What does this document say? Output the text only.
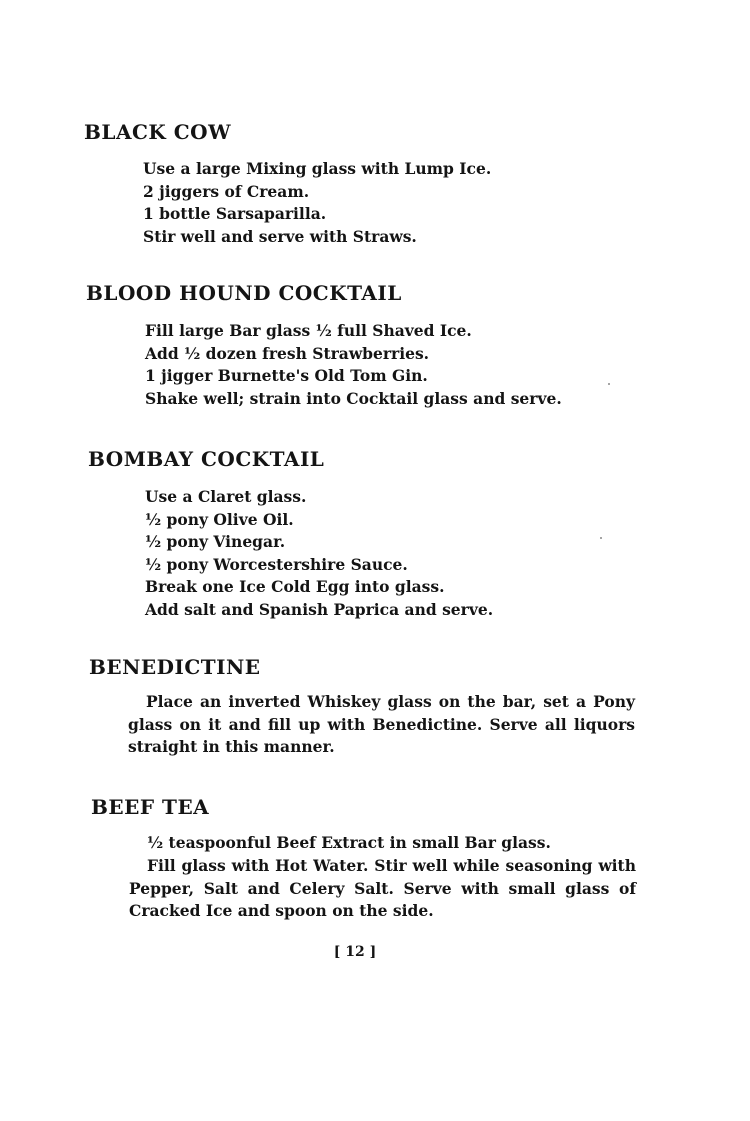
BLACK COW
Use a large Mixing glass with Lump Ice.
2 jiggers of Cream.
1 bottle Sarsaparilla.
Stir well and serve with Straws.
BLOOD HOUND COCKTAIL
Fill large Bar glass ½ full Shaved Ice.
Add ½ dozen fresh Strawberries.
1 jigger Burnette's Old Tom Gin.
Shake well; strain into Cocktail glass and serve.
BOMBAY COCKTAIL
Use a Claret glass.
½ pony Olive Oil.
½ pony Vinegar.
½ pony Worcestershire Sauce.
Break one Ice Cold Egg into glass.
Add salt and Spanish Paprica and serve.
BENEDICTINE

Place an inverted Whiskey glass on the bar, set a Pony glass on it and fill up with Benedictine. Serve all liquors straight in this manner.

BEEF TEA
½ teaspoonful Beef Extract in small Bar glass.

Fill glass with Hot Water. Stir well while seasoning with Pepper, Salt and Celery Salt. Serve with small glass of Cracked Ice and spoon on the side.

[ 12 ]
